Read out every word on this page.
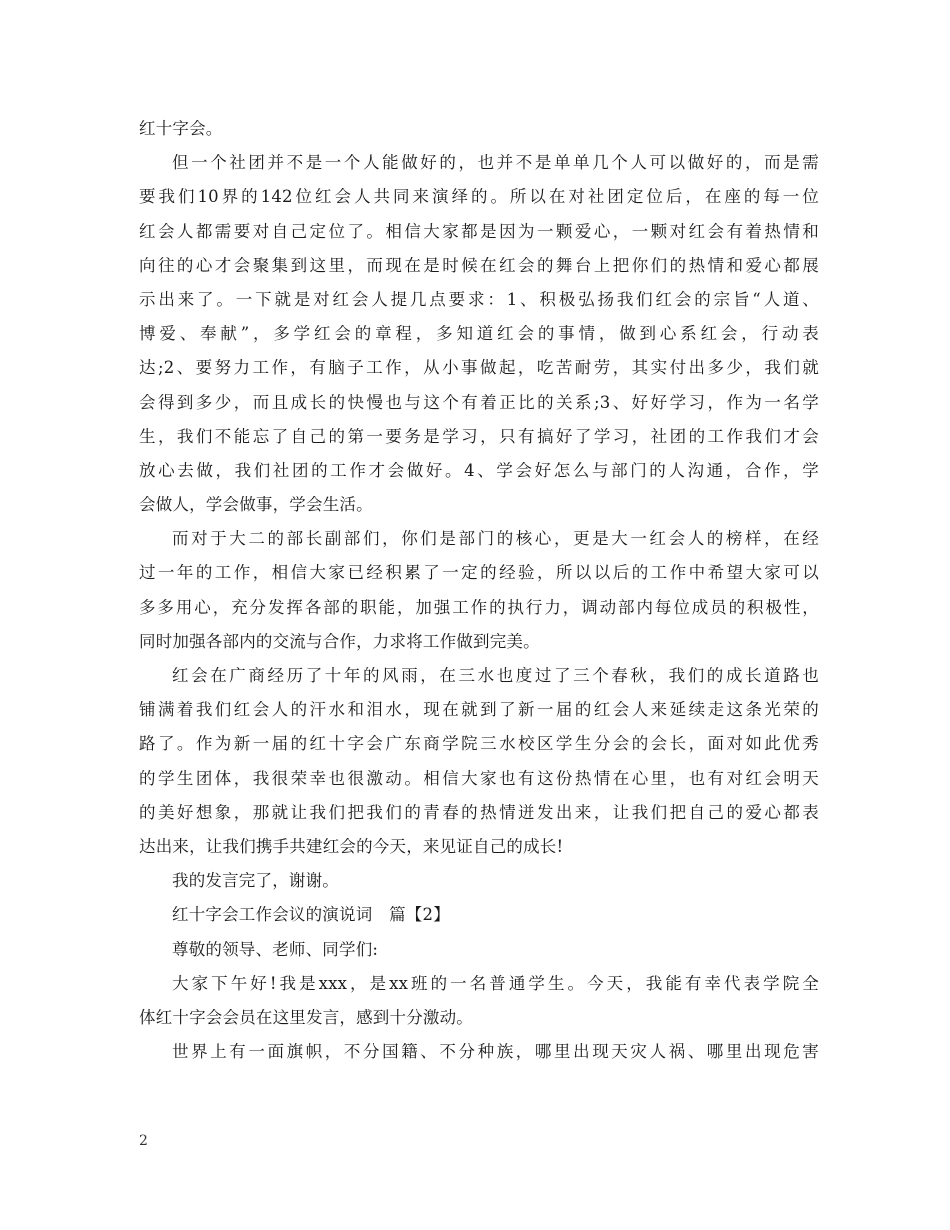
红十字会。
但一个社团并不是一个人能做好的，也并不是单单几个人可以做好的，而是需
要我们10界的142位红会人共同来演绎的。所以在对社团定位后，在座的每一位
红会人都需要对自己定位了。相信大家都是因为一颗爱心，一颗对红会有着热情和
向往的心才会聚集到这里，而现在是时候在红会的舞台上把你们的热情和爱心都展
示出来了。一下就是对红会人提几点要求：1、积极弘扬我们红会的宗旨“人道、
博爱、奉献”，多学红会的章程，多知道红会的事情，做到心系红会，行动表
达;2、要努力工作，有脑子工作，从小事做起，吃苦耐劳，其实付出多少，我们就
会得到多少，而且成长的快慢也与这个有着正比的关系;3、好好学习，作为一名学
生，我们不能忘了自己的第一要务是学习，只有搞好了学习，社团的工作我们才会
放心去做，我们社团的工作才会做好。4、学会好怎么与部门的人沟通，合作，学
会做人，学会做事，学会生活。
而对于大二的部长副部们，你们是部门的核心，更是大一红会人的榜样，在经
过一年的工作，相信大家已经积累了一定的经验，所以以后的工作中希望大家可以
多多用心，充分发挥各部的职能，加强工作的执行力，调动部内每位成员的积极性，
同时加强各部内的交流与合作，力求将工作做到完美。
红会在广商经历了十年的风雨，在三水也度过了三个春秋，我们的成长道路也
铺满着我们红会人的汗水和泪水，现在就到了新一届的红会人来延续走这条光荣的
路了。作为新一届的红十字会广东商学院三水校区学生分会的会长，面对如此优秀
的学生团体，我很荣幸也很激动。相信大家也有这份热情在心里，也有对红会明天
的美好想象，那就让我们把我们的青春的热情迸发出来，让我们把自己的爱心都表
达出来，让我们携手共建红会的今天，来见证自己的成长!
我的发言完了，谢谢。
红十字会工作会议的演说词　篇【2】
尊敬的领导、老师、同学们:
大家下午好!我是xxx，是xx班的一名普通学生。今天，我能有幸代表学院全
体红十字会会员在这里发言，感到十分激动。
世界上有一面旗帜，不分国籍、不分种族，哪里出现天灾人祸、哪里出现危害
2
